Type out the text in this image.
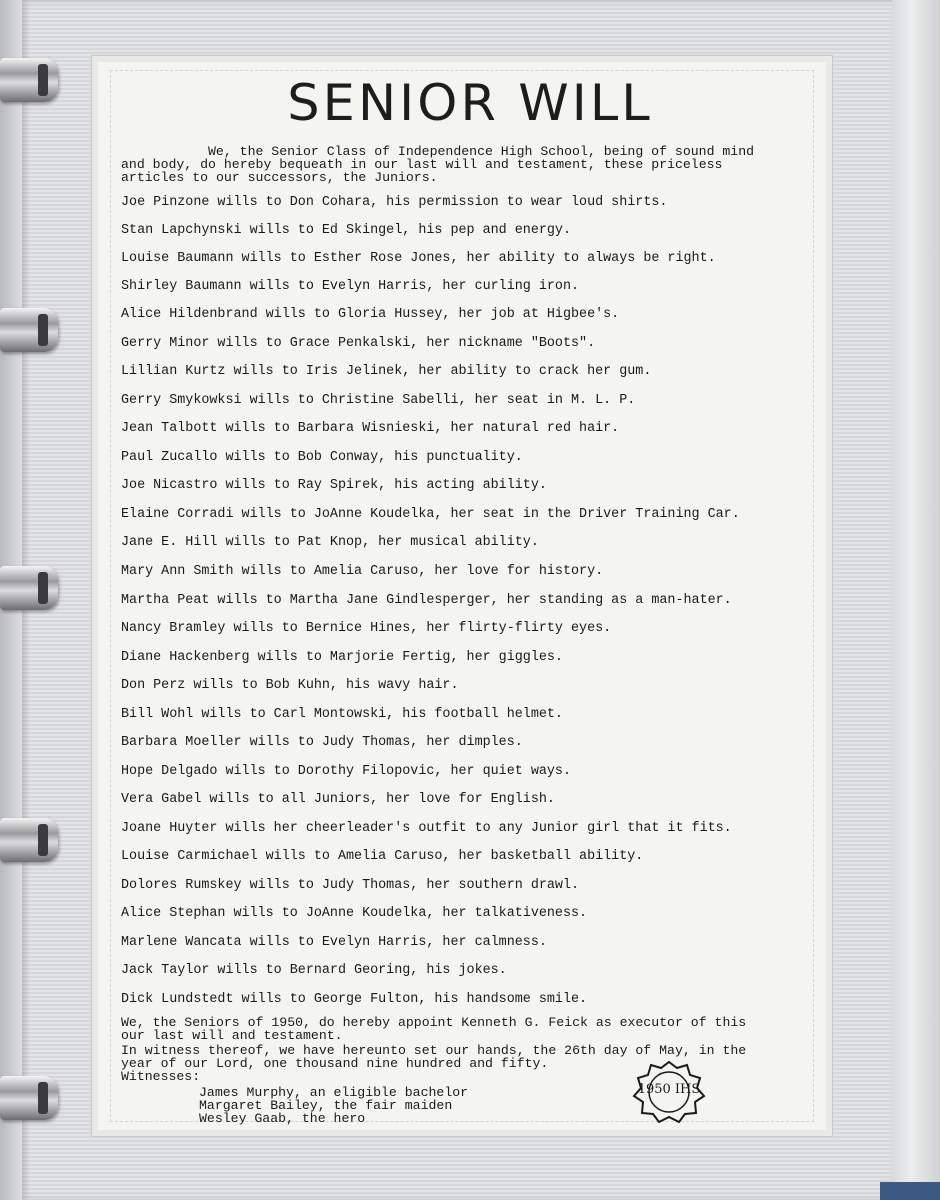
SENIOR WILL

We, the Senior Class of Independence High School, being of sound mind

and body, do hereby bequeath in our last will and testament, these priceless

articles to our successors, the Juniors.

Joe Pinzone wills to Don Cohara, his permission to wear loud shirts.

Stan Lapchynski wills to Ed Skingel, his pep and energy.

Louise Baumann wills to Esther Rose Jones, her ability to always be right.

Shirley Baumann wills to Evelyn Harris, her curling iron.

Alice Hildenbrand wills to Gloria Hussey, her job at Higbee's.

Gerry Minor wills to Grace Penkalski, her nickname "Boots".

Lillian Kurtz wills to Iris Jelinek, her ability to crack her gum.

Gerry Smykowksi wills to Christine Sabelli, her seat in M. L. P.

Jean Talbott wills to Barbara Wisnieski, her natural red hair.

Paul Zucallo wills to Bob Conway, his punctuality.

Joe Nicastro wills to Ray Spirek, his acting ability.

Elaine Corradi wills to JoAnne Koudelka, her seat in the Driver Training Car.

Jane E. Hill wills to Pat Knop, her musical ability.

Mary Ann Smith wills to Amelia Caruso, her love for history.

Martha Peat wills to Martha Jane Gindlesperger, her standing as a man-hater.

Nancy Bramley wills to Bernice Hines, her flirty-flirty eyes.

Diane Hackenberg wills to Marjorie Fertig, her giggles.

Don Perz wills to Bob Kuhn, his wavy hair.

Bill Wohl wills to Carl Montowski, his football helmet.

Barbara Moeller wills to Judy Thomas, her dimples.

Hope Delgado wills to Dorothy Filopovic, her quiet ways.

Vera Gabel wills to all Juniors, her love for English.

Joane Huyter wills her cheerleader's outfit to any Junior girl that it fits.

Louise Carmichael wills to Amelia Caruso, her basketball ability.

Dolores Rumskey wills to Judy Thomas, her southern drawl.

Alice Stephan wills to JoAnne Koudelka, her talkativeness.

Marlene Wancata wills to Evelyn Harris, her calmness.

Jack Taylor wills to Bernard Georing, his jokes.

Dick Lundstedt wills to George Fulton, his handsome smile.

We, the Seniors of 1950, do hereby appoint Kenneth G. Feick as executor of this

our last will and testament.

In witness thereof, we have hereunto set our hands, the 26th day of May, in the

year of our Lord, one thousand nine hundred and fifty.

Witnesses:

James Murphy, an eligible bachelor

Margaret Bailey, the fair maiden

Wesley Gaab, the hero

1950 IHS
